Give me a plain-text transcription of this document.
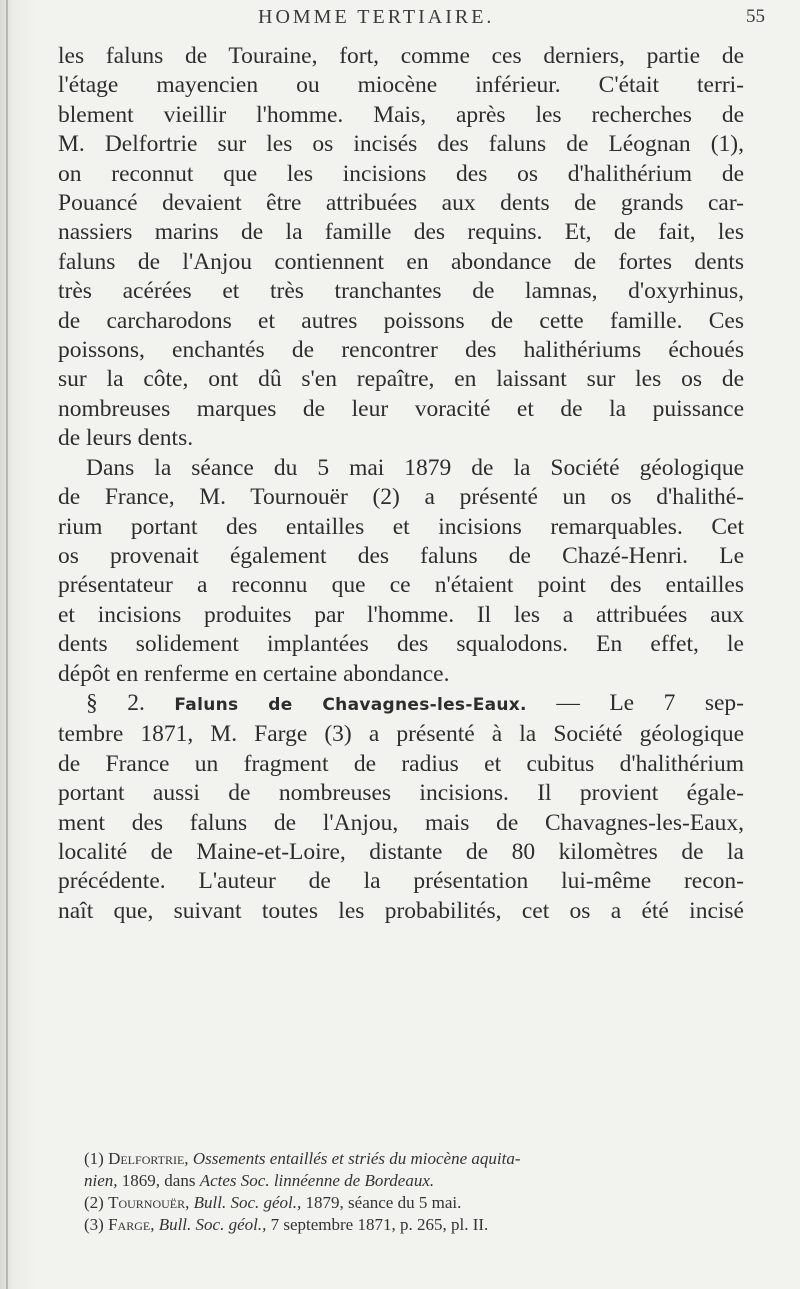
HOMME TERTIAIRE.	55
les faluns de Touraine, fort, comme ces derniers, partie de
l'étage mayencien ou miocène inférieur. C'était terri-
blement vieillir l'homme. Mais, après les recherches de
M. Delfortrie sur les os incisés des faluns de Léognan (1),
on reconnut que les incisions des os d'halithérium de
Pouancé devaient être attribuées aux dents de grands car-
nassiers marins de la famille des requins. Et, de fait, les
faluns de l'Anjou contiennent en abondance de fortes dents
très acérées et très tranchantes de lamnas, d'oxyrhinus,
de carcharodons et autres poissons de cette famille. Ces
poissons, enchantés de rencontrer des halithériums échoués
sur la côte, ont dû s'en repaître, en laissant sur les os de
nombreuses marques de leur voracité et de la puissance
de leurs dents.
Dans la séance du 5 mai 1879 de la Société géologique
de France, M. Tournouër (2) a présenté un os d'halithé-
rium portant des entailles et incisions remarquables. Cet
os provenait également des faluns de Chazé-Henri. Le
présentateur a reconnu que ce n'étaient point des entailles
et incisions produites par l'homme. Il les a attribuées aux
dents solidement implantées des squalodons. En effet, le
dépôt en renferme en certaine abondance.
§ 2. Faluns de Chavagnes-les-Eaux. — Le 7 sep-
tembre 1871, M. Farge (3) a présenté à la Société géologique
de France un fragment de radius et cubitus d'halithérium
portant aussi de nombreuses incisions. Il provient égale-
ment des faluns de l'Anjou, mais de Chavagnes-les-Eaux,
localité de Maine-et-Loire, distante de 80 kilomètres de la
précédente. L'auteur de la présentation lui-même recon-
naît que, suivant toutes les probabilités, cet os a été incisé
(1) Delfortrie, Ossements entaillés et striés du miocène aquita-
nien, 1869, dans Actes Soc. linnéenne de Bordeaux.
(2) Tournouër, Bull. Soc. géol., 1879, séance du 5 mai.
(3) Farge, Bull. Soc. géol., 7 septembre 1871, p. 265, pl. II.
